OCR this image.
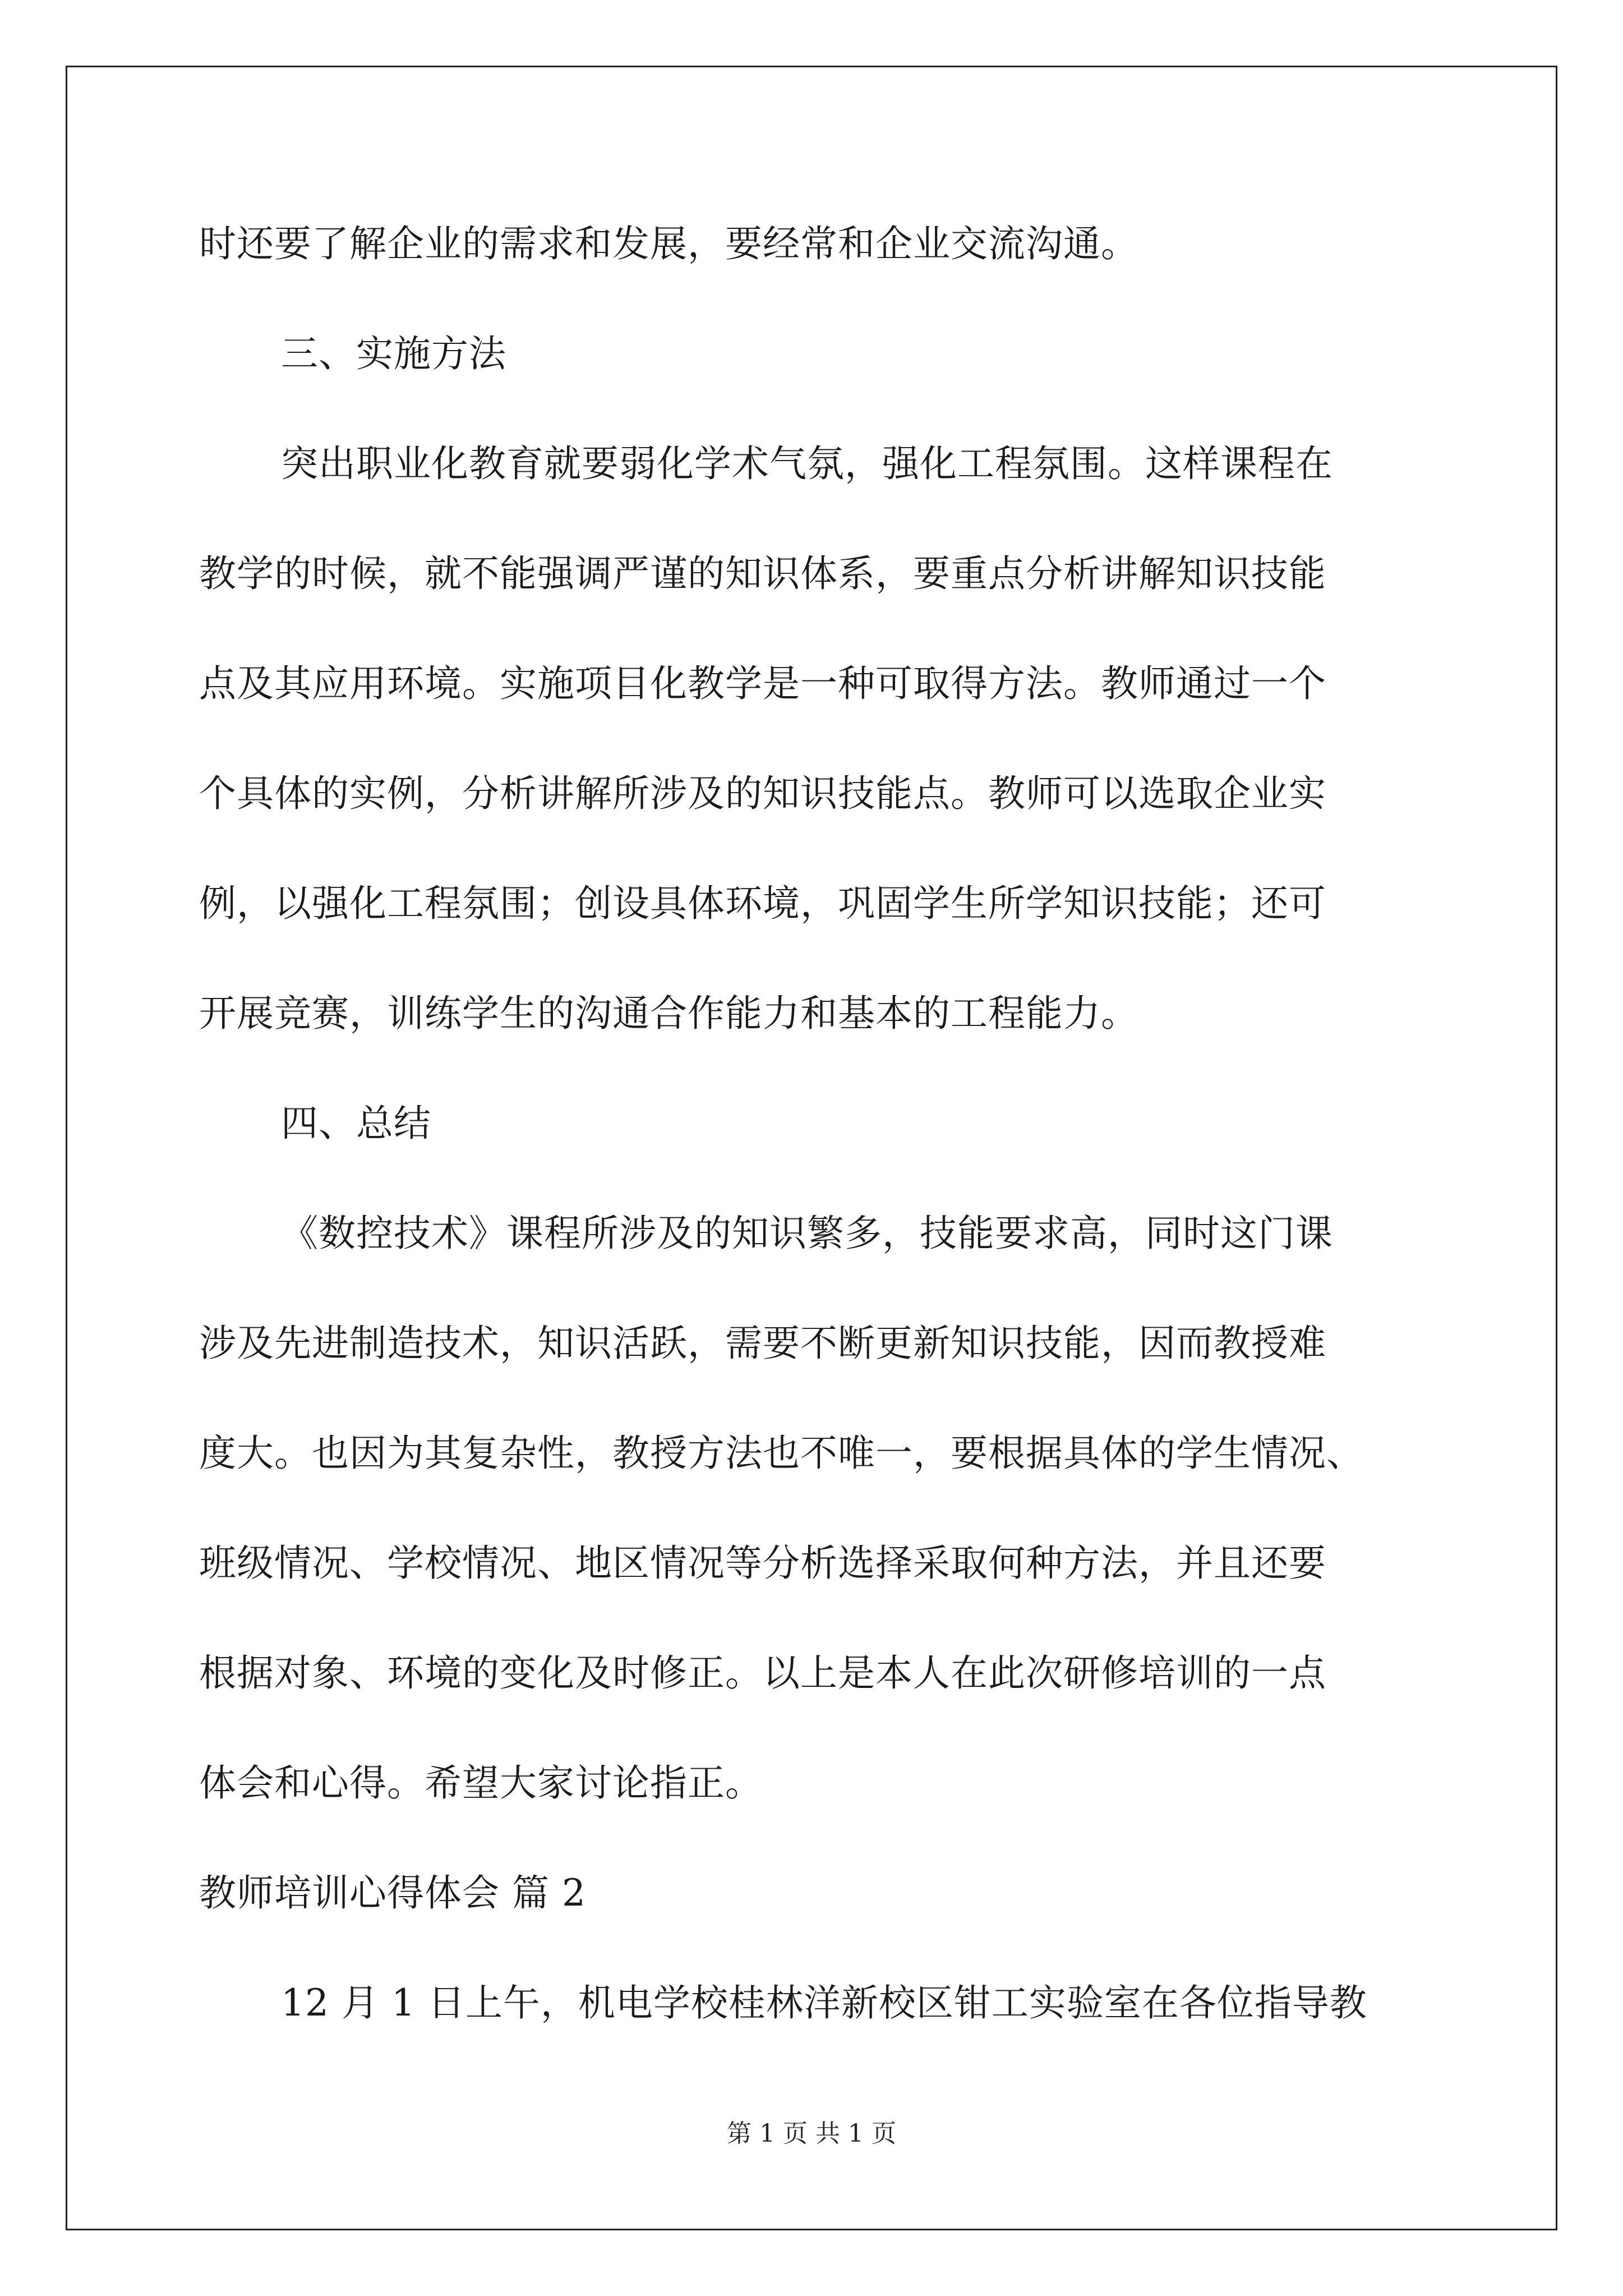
时还要了解企业的需求和发展，要经常和企业交流沟通。
三、实施方法
突出职业化教育就要弱化学术气氛，强化工程氛围。这样课程在
教学的时候，就不能强调严谨的知识体系，要重点分析讲解知识技能
点及其应用环境。实施项目化教学是一种可取得方法。教师通过一个
个具体的实例，分析讲解所涉及的知识技能点。教师可以选取企业实
例，以强化工程氛围；创设具体环境，巩固学生所学知识技能；还可
开展竞赛，训练学生的沟通合作能力和基本的工程能力。
四、总结
《数控技术》课程所涉及的知识繁多，技能要求高，同时这门课
涉及先进制造技术，知识活跃，需要不断更新知识技能，因而教授难
度大。也因为其复杂性，教授方法也不唯一，要根据具体的学生情况、
班级情况、学校情况、地区情况等分析选择采取何种方法，并且还要
根据对象、环境的变化及时修正。以上是本人在此次研修培训的一点
体会和心得。希望大家讨论指正。
教师培训心得体会 篇 2
12 月 1 日上午，机电学校桂林洋新校区钳工实验室在各位指导教
第 1 页 共 1 页
